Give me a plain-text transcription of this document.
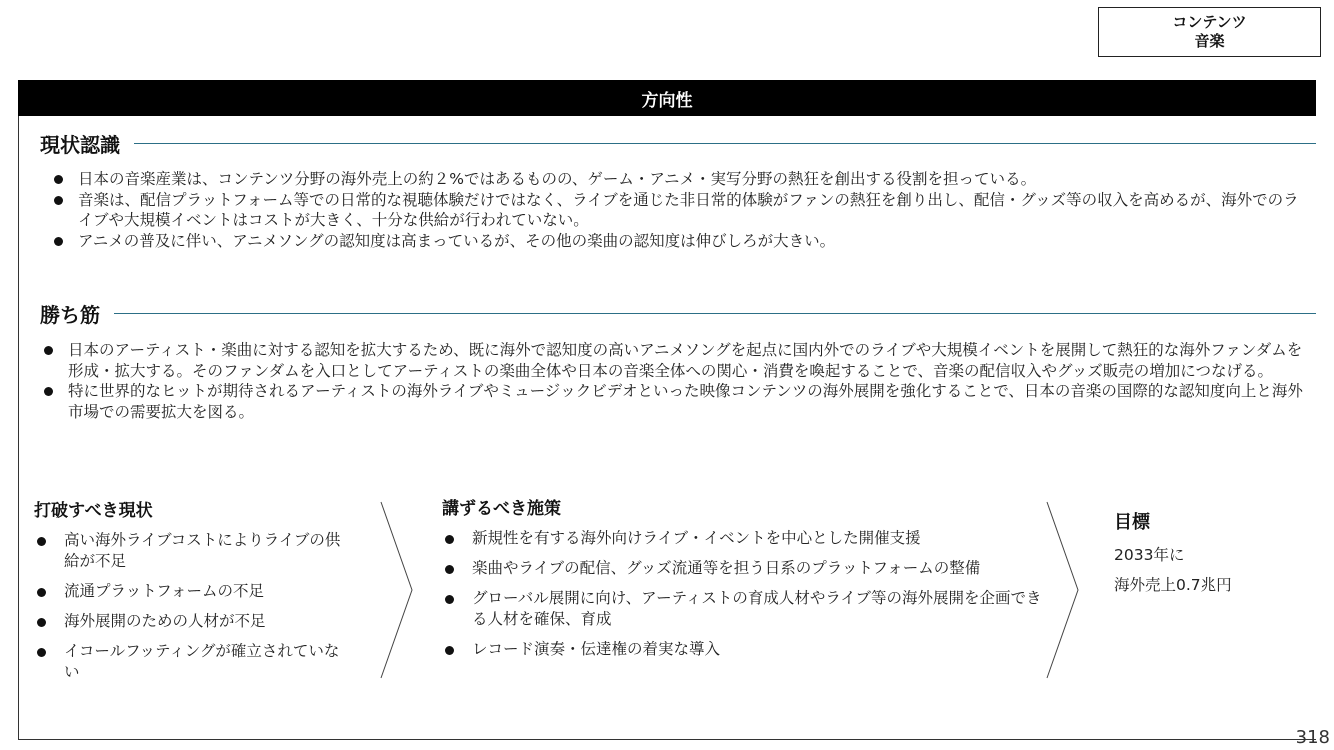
コンテンツ
音楽
方向性
現状認識
日本の音楽産業は、コンテンツ分野の海外売上の約２%ではあるものの、ゲーム・アニメ・実写分野の熱狂を創出する役割を担っている。
音楽は、配信プラットフォーム等での日常的な視聴体験だけではなく、ライブを通じた非日常的体験がファンの熱狂を創り出し、配信・グッズ等の収入を高めるが、海外でのライブや大規模イベントはコストが大きく、十分な供給が行われていない。
アニメの普及に伴い、アニメソングの認知度は高まっているが、その他の楽曲の認知度は伸びしろが大きい。
勝ち筋
日本のアーティスト・楽曲に対する認知を拡大するため、既に海外で認知度の高いアニメソングを起点に国内外でのライブや大規模イベントを展開して熱狂的な海外ファンダムを形成・拡大する。そのファンダムを入口としてアーティストの楽曲全体や日本の音楽全体への関心・消費を喚起することで、音楽の配信収入やグッズ販売の増加につなげる。
特に世界的なヒットが期待されるアーティストの海外ライブやミュージックビデオといった映像コンテンツの海外展開を強化することで、日本の音楽の国際的な認知度向上と海外市場での需要拡大を図る。
打破すべき現状
高い海外ライブコストによりライブの供給が不足
流通プラットフォームの不足
海外展開のための人材が不足
イコールフッティングが確立されていない
講ずるべき施策
新規性を有する海外向けライブ・イベントを中心とした開催支援
楽曲やライブの配信、グッズ流通等を担う日系のプラットフォームの整備
グローバル展開に向け、アーティストの育成人材やライブ等の海外展開を企画できる人材を確保、育成
レコード演奏・伝達権の着実な導入
目標
2033年に
海外売上0.7兆円
318
